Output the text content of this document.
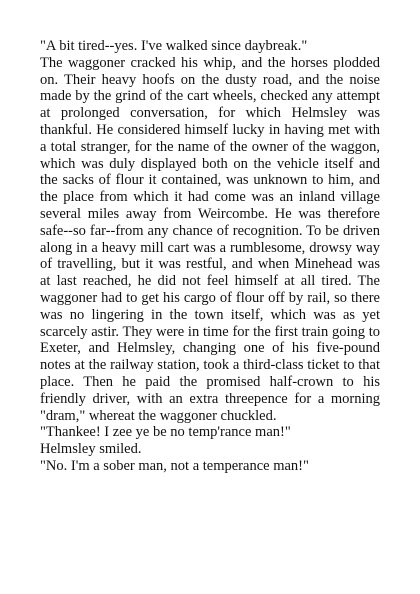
"A bit tired--yes. I've walked since daybreak."

The waggoner cracked his whip, and the horses plodded on. Their heavy hoofs on the dusty road, and the noise made by the grind of the cart wheels, checked any attempt at prolonged conversation, for which Helmsley was thankful. He considered himself lucky in having met with a total stranger, for the name of the owner of the waggon, which was duly displayed both on the vehicle itself and the sacks of flour it contained, was unknown to him, and the place from which it had come was an inland village several miles away from Weircombe. He was therefore safe--so far--from any chance of recognition. To be driven along in a heavy mill cart was a rumblesome, drowsy way of travelling, but it was restful, and when Minehead was at last reached, he did not feel himself at all tired. The waggoner had to get his cargo of flour off by rail, so there was no lingering in the town itself, which was as yet scarcely astir. They were in time for the first train going to Exeter, and Helmsley, changing one of his five-pound notes at the railway station, took a third-class ticket to that place. Then he paid the promised half-crown to his friendly driver, with an extra threepence for a morning "dram," whereat the waggoner chuckled.

"Thankee! I zee ye be no temp'rance man!"

Helmsley smiled.

"No. I'm a sober man, not a temperance man!"
